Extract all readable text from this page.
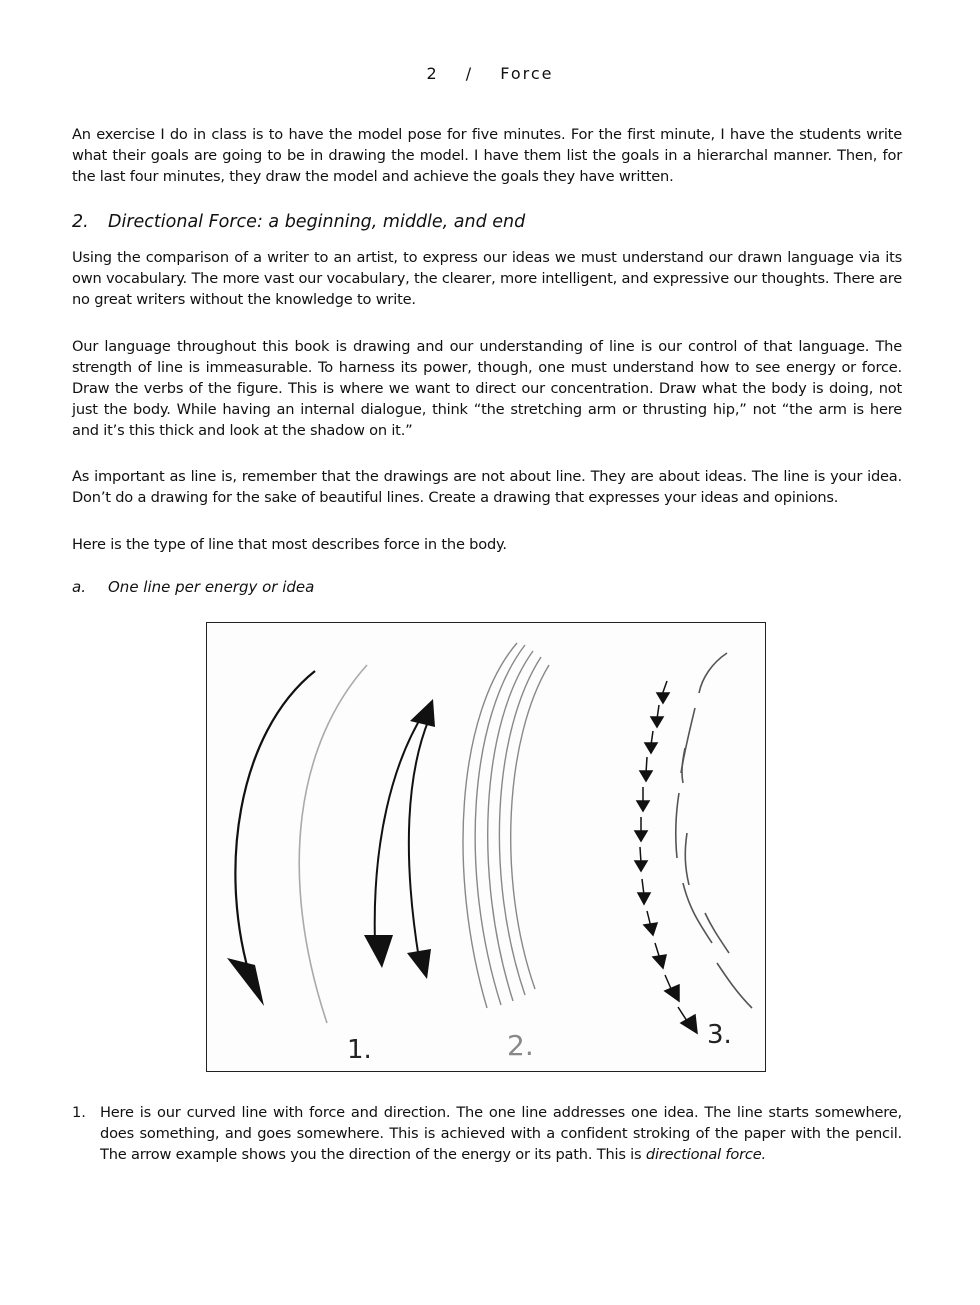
2 / Force
An exercise I do in class is to have the model pose for five minutes. For the first minute, I have the students write what their goals are going to be in drawing the model. I have them list the goals in a hierarchal manner. Then, for the last four minutes, they draw the model and achieve the goals they have written.
2. Directional Force: a beginning, middle, and end
Using the comparison of a writer to an artist, to express our ideas we must understand our drawn language via its own vocabulary. The more vast our vocabulary, the clearer, more intelligent, and expressive our thoughts. There are no great writers without the knowledge to write.
Our language throughout this book is drawing and our understanding of line is our control of that language. The strength of line is immeasurable. To harness its power, though, one must understand how to see energy or force. Draw the verbs of the figure. This is where we want to direct our concentration. Draw what the body is doing, not just the body. While having an internal dialogue, think “the stretching arm or thrusting hip,” not “the arm is here and it’s this thick and look at the shadow on it.”
As important as line is, remember that the drawings are not about line. They are about ideas. The line is your idea. Don’t do a drawing for the sake of beautiful lines. Create a drawing that expresses your ideas and opinions.
Here is the type of line that most describes force in the body.
a. One line per energy or idea
1.	2.	3.
1. Here is our curved line with force and direction. The one line addresses one idea. The line starts somewhere, does something, and goes somewhere. This is achieved with a confident stroking of the paper with the pencil. The arrow example shows you the direction of the energy or its path. This is directional force.
